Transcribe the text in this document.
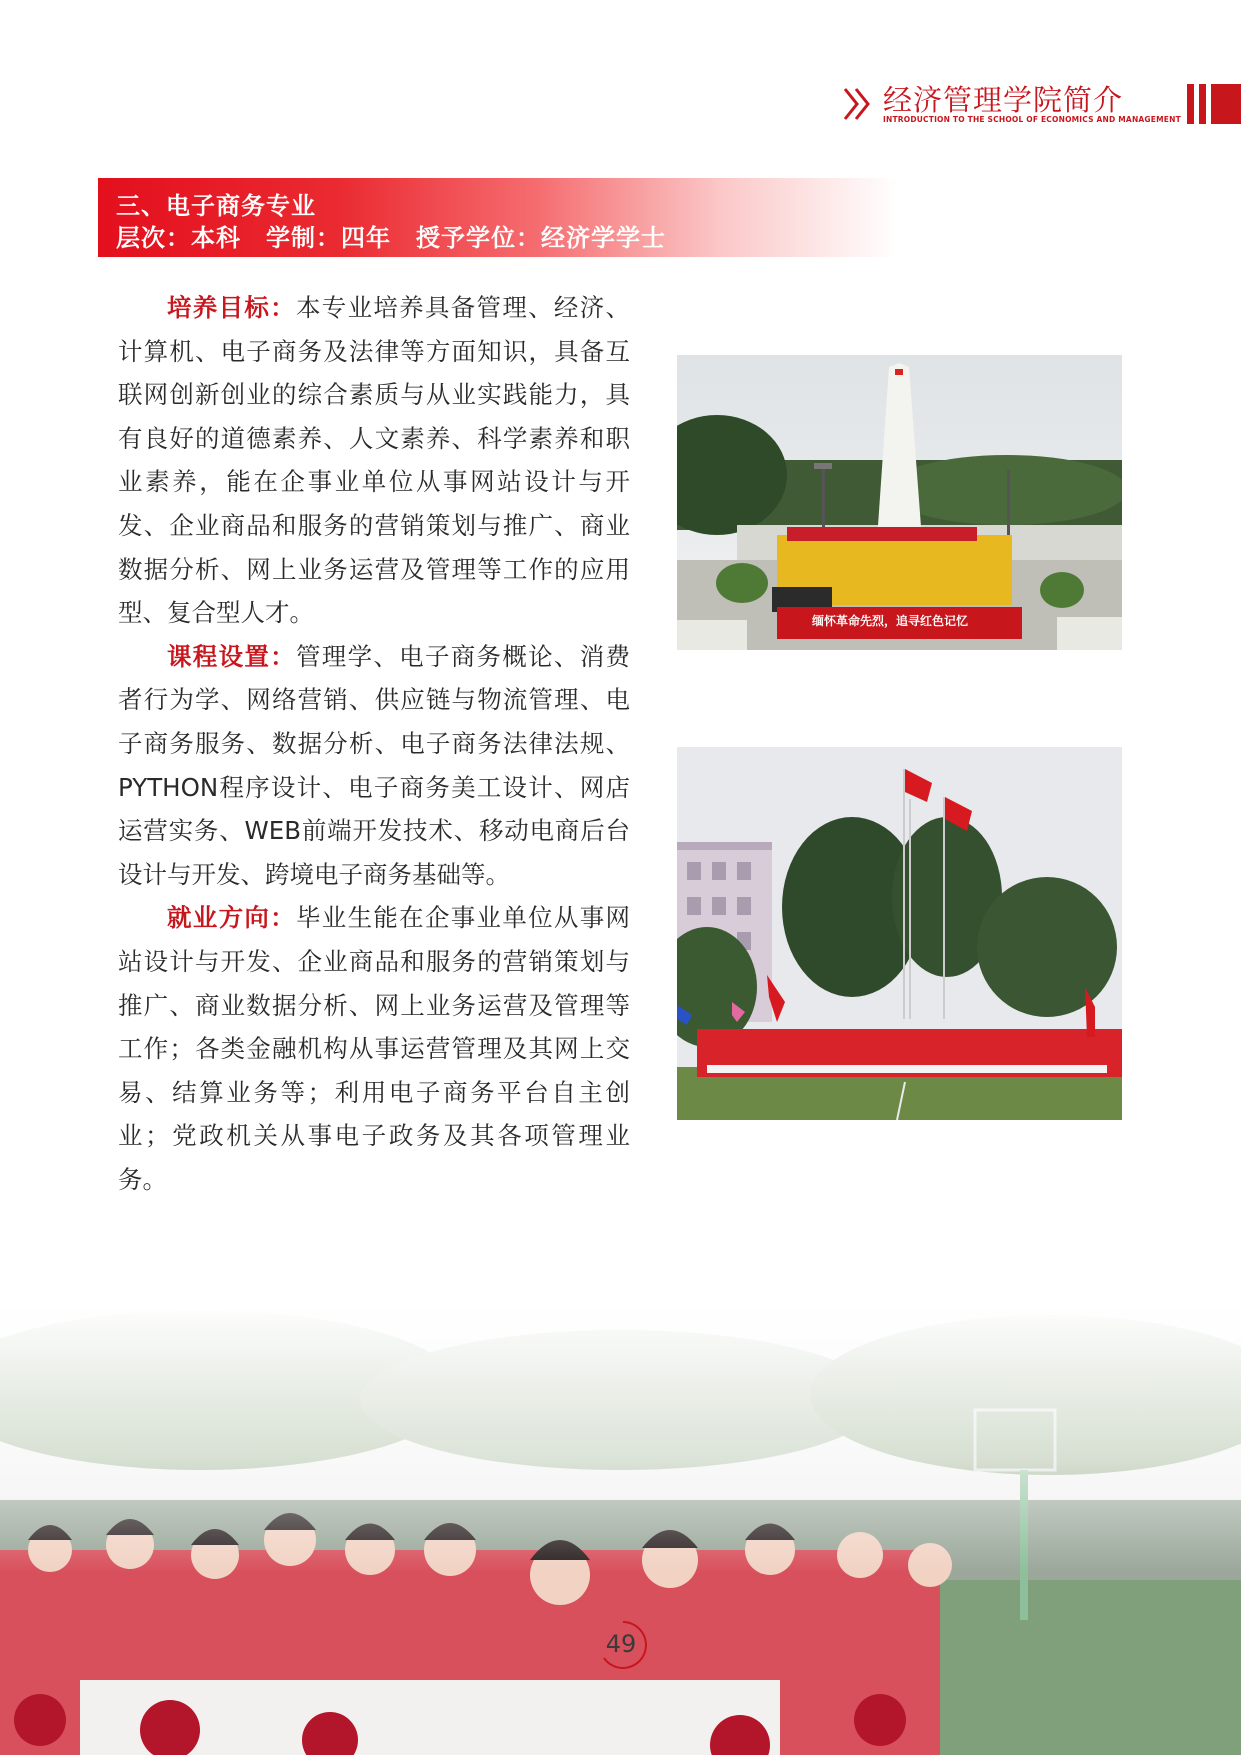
经济管理学院简介
INTRODUCTION TO THE SCHOOL OF ECONOMICS AND MANAGEMENT
三、电子商务专业
层次：本科　学制：四年　授予学位：经济学学士

培养目标：本专业培养具备管理、经济、计算机、电子商务及法律等方面知识，具备互联网创新创业的综合素质与从业实践能力，具有良好的道德素养、人文素养、科学素养和职业素养，能在企事业单位从事网站设计与开发、企业商品和服务的营销策划与推广、商业数据分析、网上业务运营及管理等工作的应用型、复合型人才。

课程设置：管理学、电子商务概论、消费者行为学、网络营销、供应链与物流管理、电子商务服务、数据分析、电子商务法律法规、PYTHON程序设计、电子商务美工设计、网店运营实务、WEB前端开发技术、移动电商后台设计与开发、跨境电子商务基础等。

就业方向：毕业生能在企事业单位从事网站设计与开发、企业商品和服务的营销策划与推广、商业数据分析、网上业务运营及管理等工作；各类金融机构从事运营管理及其网上交易、结算业务等；利用电子商务平台自主创业；党政机关从事电子政务及其各项管理业务。

缅怀革命先烈，追寻红色记忆
49
